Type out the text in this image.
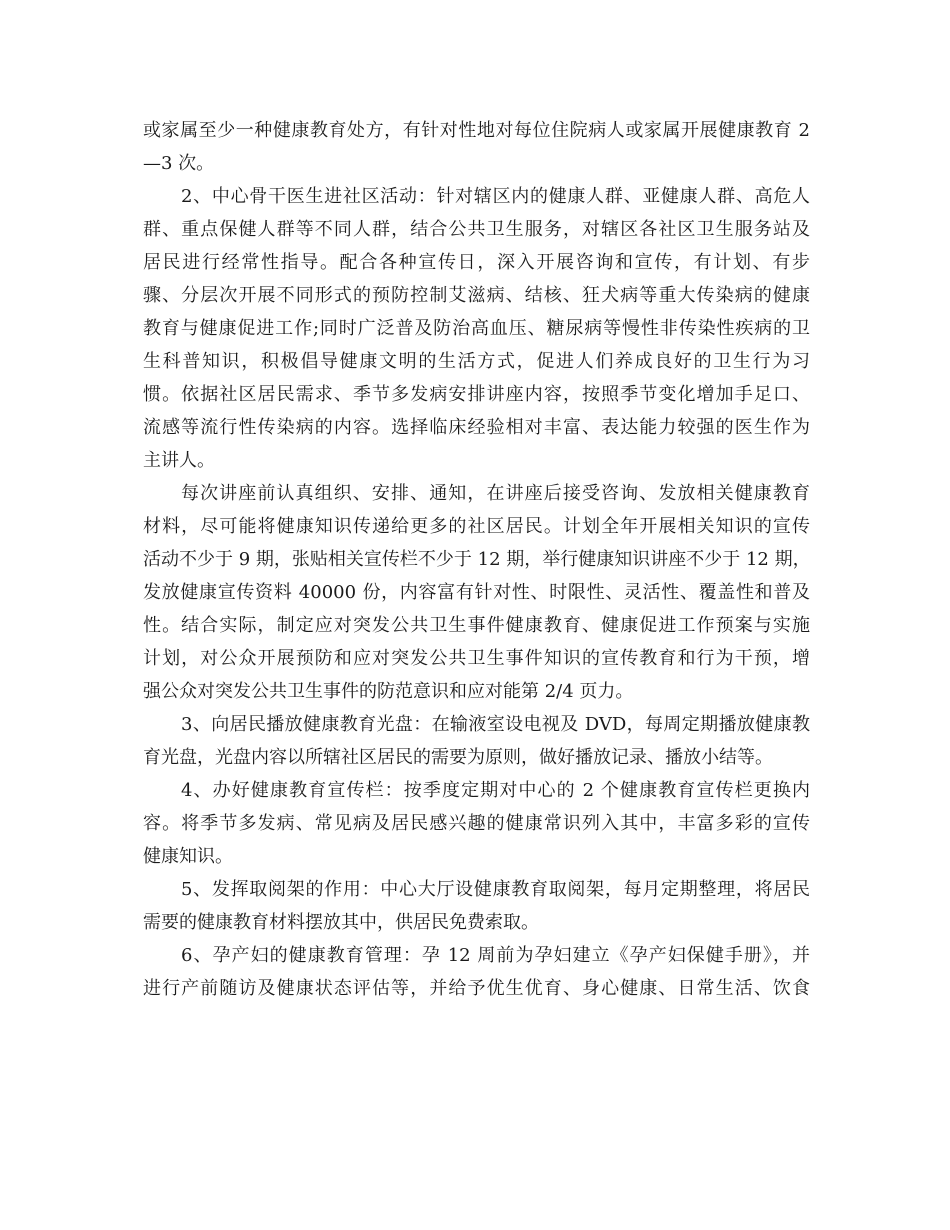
或家属至少一种健康教育处方，有针对性地对每位住院病人或家属开展健康教育 2
—3 次。
2、中心骨干医生进社区活动：针对辖区内的健康人群、亚健康人群、高危人
群、重点保健人群等不同人群，结合公共卫生服务，对辖区各社区卫生服务站及
居民进行经常性指导。配合各种宣传日，深入开展咨询和宣传，有计划、有步
骤、分层次开展不同形式的预防控制艾滋病、结核、狂犬病等重大传染病的健康
教育与健康促进工作;同时广泛普及防治高血压、糖尿病等慢性非传染性疾病的卫
生科普知识，积极倡导健康文明的生活方式，促进人们养成良好的卫生行为习
惯。依据社区居民需求、季节多发病安排讲座内容，按照季节变化增加手足口、
流感等流行性传染病的内容。选择临床经验相对丰富、表达能力较强的医生作为
主讲人。
每次讲座前认真组织、安排、通知，在讲座后接受咨询、发放相关健康教育
材料，尽可能将健康知识传递给更多的社区居民。计划全年开展相关知识的宣传
活动不少于 9 期，张贴相关宣传栏不少于 12 期，举行健康知识讲座不少于 12 期，
发放健康宣传资料 40000 份，内容富有针对性、时限性、灵活性、覆盖性和普及
性。结合实际，制定应对突发公共卫生事件健康教育、健康促进工作预案与实施
计划，对公众开展预防和应对突发公共卫生事件知识的宣传教育和行为干预，增
强公众对突发公共卫生事件的防范意识和应对能第 2/4 页力。
3、向居民播放健康教育光盘：在输液室设电视及 DVD，每周定期播放健康教
育光盘，光盘内容以所辖社区居民的需要为原则，做好播放记录、播放小结等。
4、办好健康教育宣传栏：按季度定期对中心的 2 个健康教育宣传栏更换内
容。将季节多发病、常见病及居民感兴趣的健康常识列入其中，丰富多彩的宣传
健康知识。
5、发挥取阅架的作用：中心大厅设健康教育取阅架，每月定期整理，将居民
需要的健康教育材料摆放其中，供居民免费索取。
6、孕产妇的健康教育管理：孕 12 周前为孕妇建立《孕产妇保健手册》，并
进行产前随访及健康状态评估等，并给予优生优育、身心健康、日常生活、饮食
